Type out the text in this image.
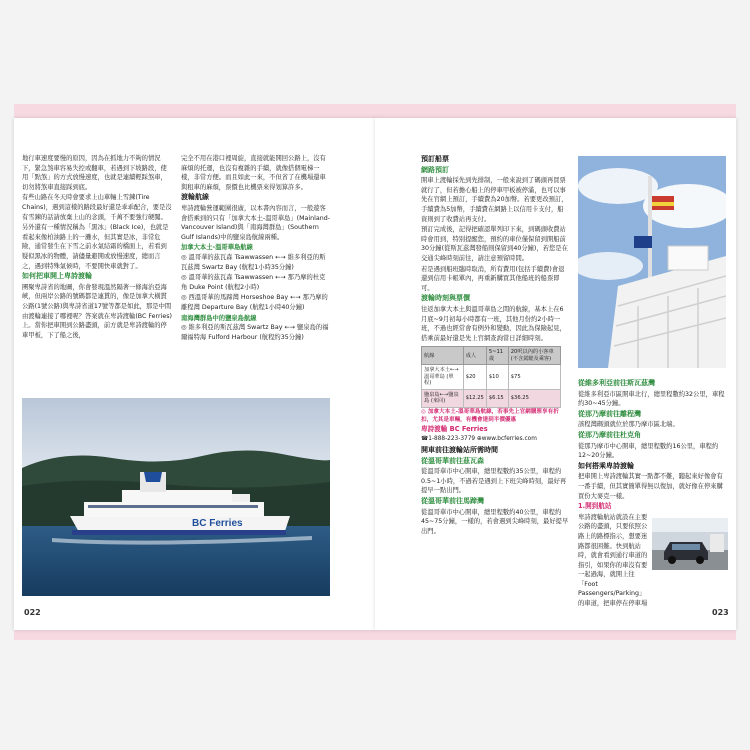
地行車速度要慢的原因，因為在抓地力不夠的情況下，緊急煞車容易失控或翻車，若遇到下坡路段，使用「點煞」的方式放慢速度，也就是連續輕踩煞車，切勿將煞車直接踩到底。

有些山路在冬天時會要求上山車輛上雪鍊(Tire Chains)，遇到這樣的路段最好還是乖乖配合，要是沒有雪鍊的話請放棄上山的念頭，千萬不要強行硬闖。

另外還有一種情況稱為「黑冰」(Black Ice)，也就是看起來像柏油路上的一灘水，但其實是冰，非常危險，通常發生在下雪之前水氣結霜的橋面上，若看到疑似黑冰的物體，請儘量避開或放慢速度，總而言之，遇到特殊氣候時，不要開快車就對了。

如何把車開上卑詩渡輪

團聚卑詩省的地圖，你會發現溫然隔著一條海治亞海峽，但兩岸公路的號碼都是連貫的，像是加拿大橫貫公路(1號公路)與卑詩省道17號等都是如此，那是中間由渡輪連接了哪裡呢？答案就在卑詩渡輪(BC Ferries)上。當你把車開到公路盡頭，前方就是卑詩渡輪的停車甲板，下了船之後，

完全不用在港口裡周旋，直接就能開回公路上，沒有麻煩的托運，也沒有複雜的手續，就像搭個電梯一樣，非常方便。而且如此一來，不但省了在機場還車與租車的麻煩，票價也比機票來得划算許多。

渡輪航線

卑詩渡輪營運範圍很廣，以本書內容而言，一般遊客會搭乘到的只有「加拿大本土-溫哥華島」(Mainland-Vancouver Island)與「南海灣群島」(Southern Gulf Islands)中的鹽泉島航線兩種。

加拿大本土-溫哥華島航線

◎ 溫哥華的茲瓦森 Tsawwassen ←→ 維多利亞的斯瓦茲灣 Swartz Bay (航程1小時35分鐘)

◎ 溫哥華的茲瓦森 Tsawwassen ←→ 那乃摩的杜克角 Duke Point (航程2小時)

◎ 西溫哥華的馬蹄灣 Horseshoe Bay ←→ 那乃摩的離程灣 Departure Bay (航程1小時40分鐘)

南海灣群島中的鹽泉島航線

◎ 維多利亞的斯瓦茲灣 Swartz Bay ←→ 鹽泉島的福爾福特海 Fulford Harbour (航程約35分鐘)

BC Ferries
022
預訂船票
網路預訂

開車上渡輪採先到先排制，一般來說到了碼頭再買票就行了，但若擔心船上的停車甲板被停滿，也可以事先在官網上預訂，手續費為20加幣。若要更改預訂，手續費為5加幣，手續費在網路上以信用卡支付，船資則到了收費站再支付。

預訂完成後，記得把確認單列印下來，到碼頭收費站時會用到，特別提醒您，預約的車位僅保留到開船前30分鐘(從斯瓦茲灣發船則保留到40分鐘)，若您是在交通尖峰時刻前往，請注意預留時間。

若是遇到船班臨時取消，所有費用(包括手續費)會退還到信用卡帳單內，再重新購買其他船班的船票即可。

渡輪時刻與票價

往返加拿大本土與溫哥華島之間的航線，基本上在6月底~9月初每小時都有一班，其他月份約2小時一班，不過也經常會有例外和變動，因此為保險起見，搭乘前最好還是先上官網查詢當日詳細時刻。

航線	成人	5~11歲	20呎以內的小客車(不含駕駛及乘客)
加拿大本土←→溫哥華島 (單程)	$20	$10	$75
鹽泉島←→鹽泉島 (來回)	$12.25	$6.15	$36.25

◎ 加拿大本土-溫哥華島航線，若事先上官網購票享有折扣，尤其是車輛，有機會達到半價優惠

卑詩渡輪 BC Ferries

☎1-888-223-3779 ⊕www.bcferries.com

開車前往渡輪站所需時間
從溫哥華前往茲瓦森

從溫哥華市中心開車，總里程數約35公里，車程約0.5~1小時，不過若是遇到上下班尖峰時刻，最好再提早一點出門。

從溫哥華前往馬蹄灣

從溫哥華市中心開車，總里程數約40公里，車程約45~75分鐘，一樣的，若會遇到尖峰時刻，最好提早出門。

從維多利亞前往斯瓦茲灣

從維多利亞市區開車北行，總里程數約32公里，車程約30~45分鐘。

從那乃摩前往離程灣

該程灣碼頭就位於那乃摩市區北端。

從那乃摩前往杜克角

從那乃摩市中心開車，總里程數約16公里，車程約12~20分鐘。

如何搭乘卑詩渡輪

把車開上卑詩渡輪其實一點都不難，聽起來好像會有一番手續，但其實簡單得無以復加，就好像在停來購買份大麥克一樣。

1.開到航站

卑詩渡輪航站就設在主要公路的盡頭，只要依照公路上的路標指示，想要迷路都很困難。快到航站時，就會看到通行車道的指引，如果你的車沒有要一起過海，就開上往「Foot Passengers/Parking」的車道，把車停在停車場

023
